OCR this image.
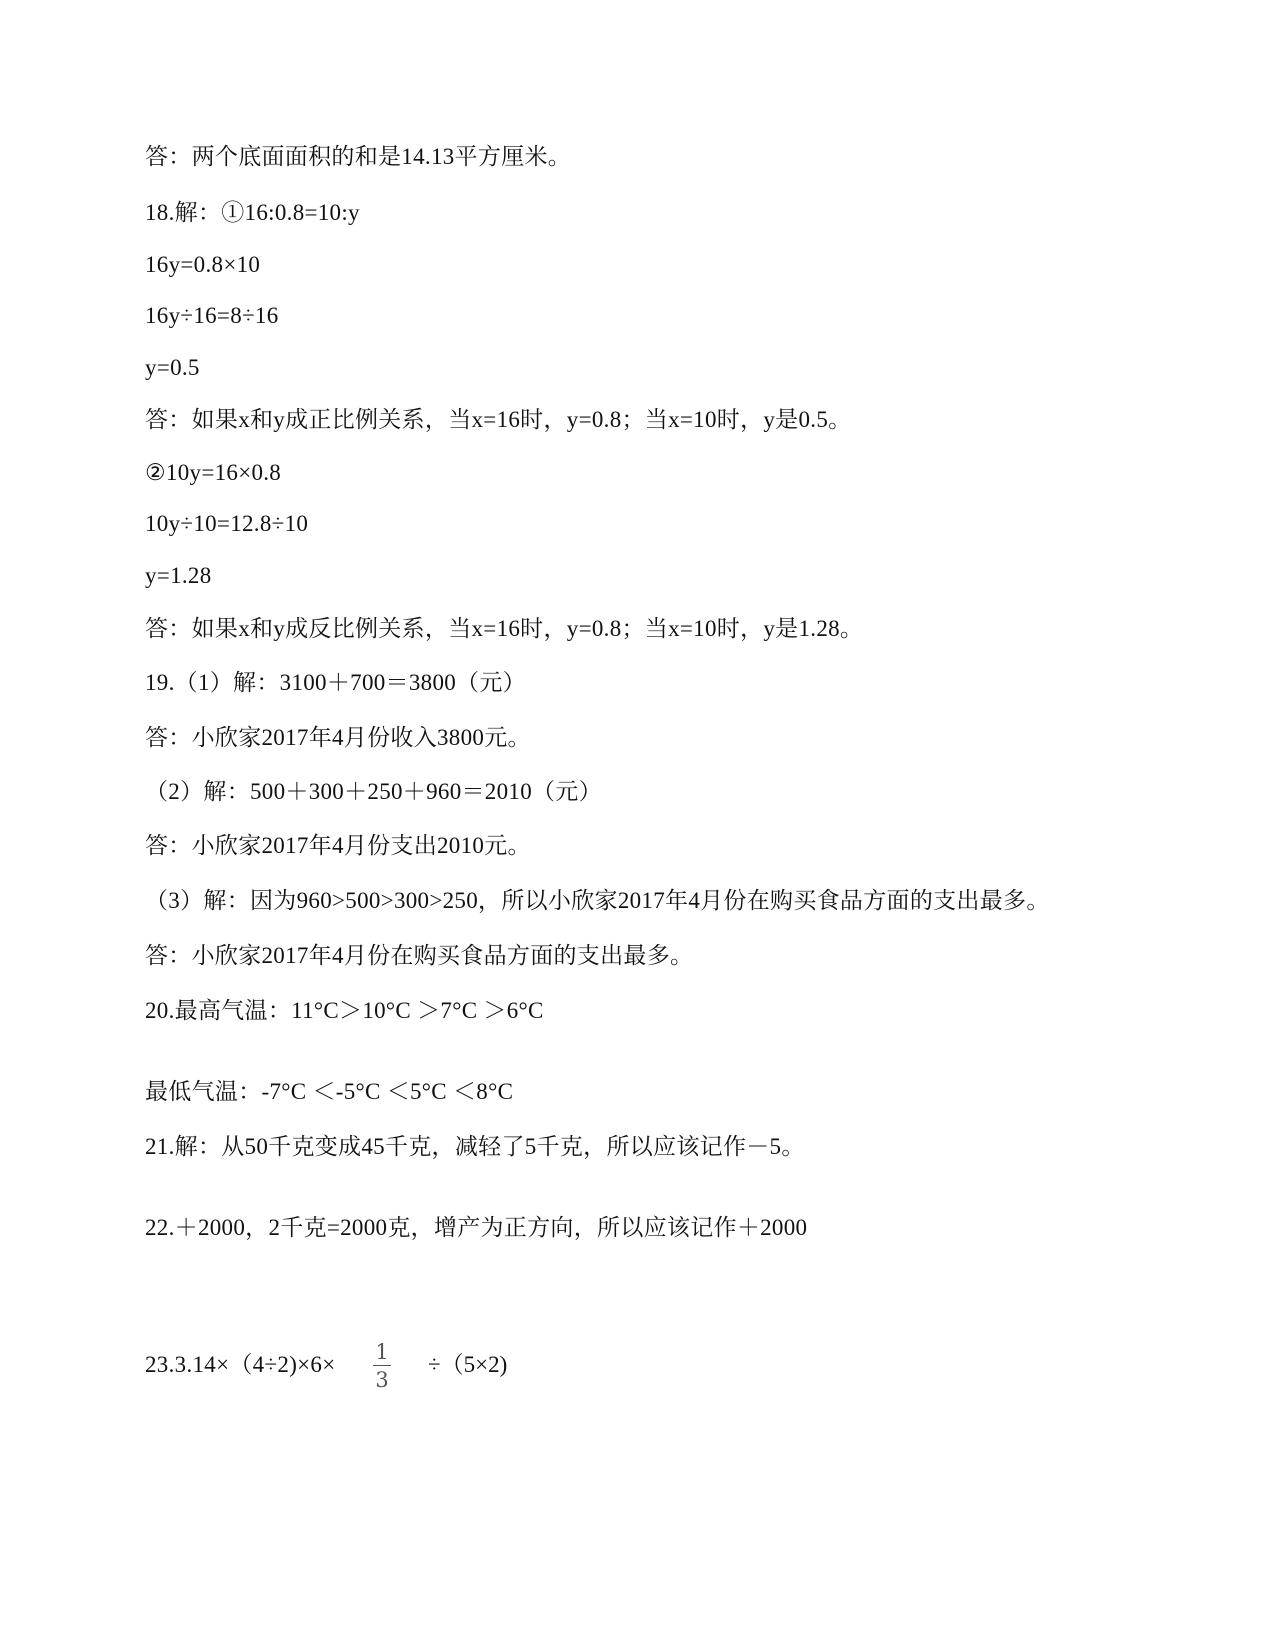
答：两个底面面积的和是14.13平方厘米。
18.解：①16:0.8=10:y
16y=0.8×10
16y÷16=8÷16
y=0.5
答：如果x和y成正比例关系，当x=16时，y=0.8；当x=10时，y是0.5。
②10y=16×0.8
10y÷10=12.8÷10
y=1.28
答：如果x和y成反比例关系，当x=16时，y=0.8；当x=10时，y是1.28。
19.（1）解：3100＋700＝3800（元）
答：小欣家2017年4月份收入3800元。
（2）解：500＋300＋250＋960＝2010（元）
答：小欣家2017年4月份支出2010元。
（3）解：因为960>500>300>250，所以小欣家2017年4月份在购买食品方面的支出最多。
答：小欣家2017年4月份在购买食品方面的支出最多。
20.最高气温：11°C＞10°C ＞7°C ＞6°C
最低气温：-7°C ＜-5°C ＜5°C ＜8°C
21.解：从50千克变成45千克，减轻了5千克，所以应该记作－5。
22.＋2000，2千克=2000克，增产为正方向，所以应该记作＋2000
23.3.14×（4÷2)×6× 1
3
÷（5×2)
